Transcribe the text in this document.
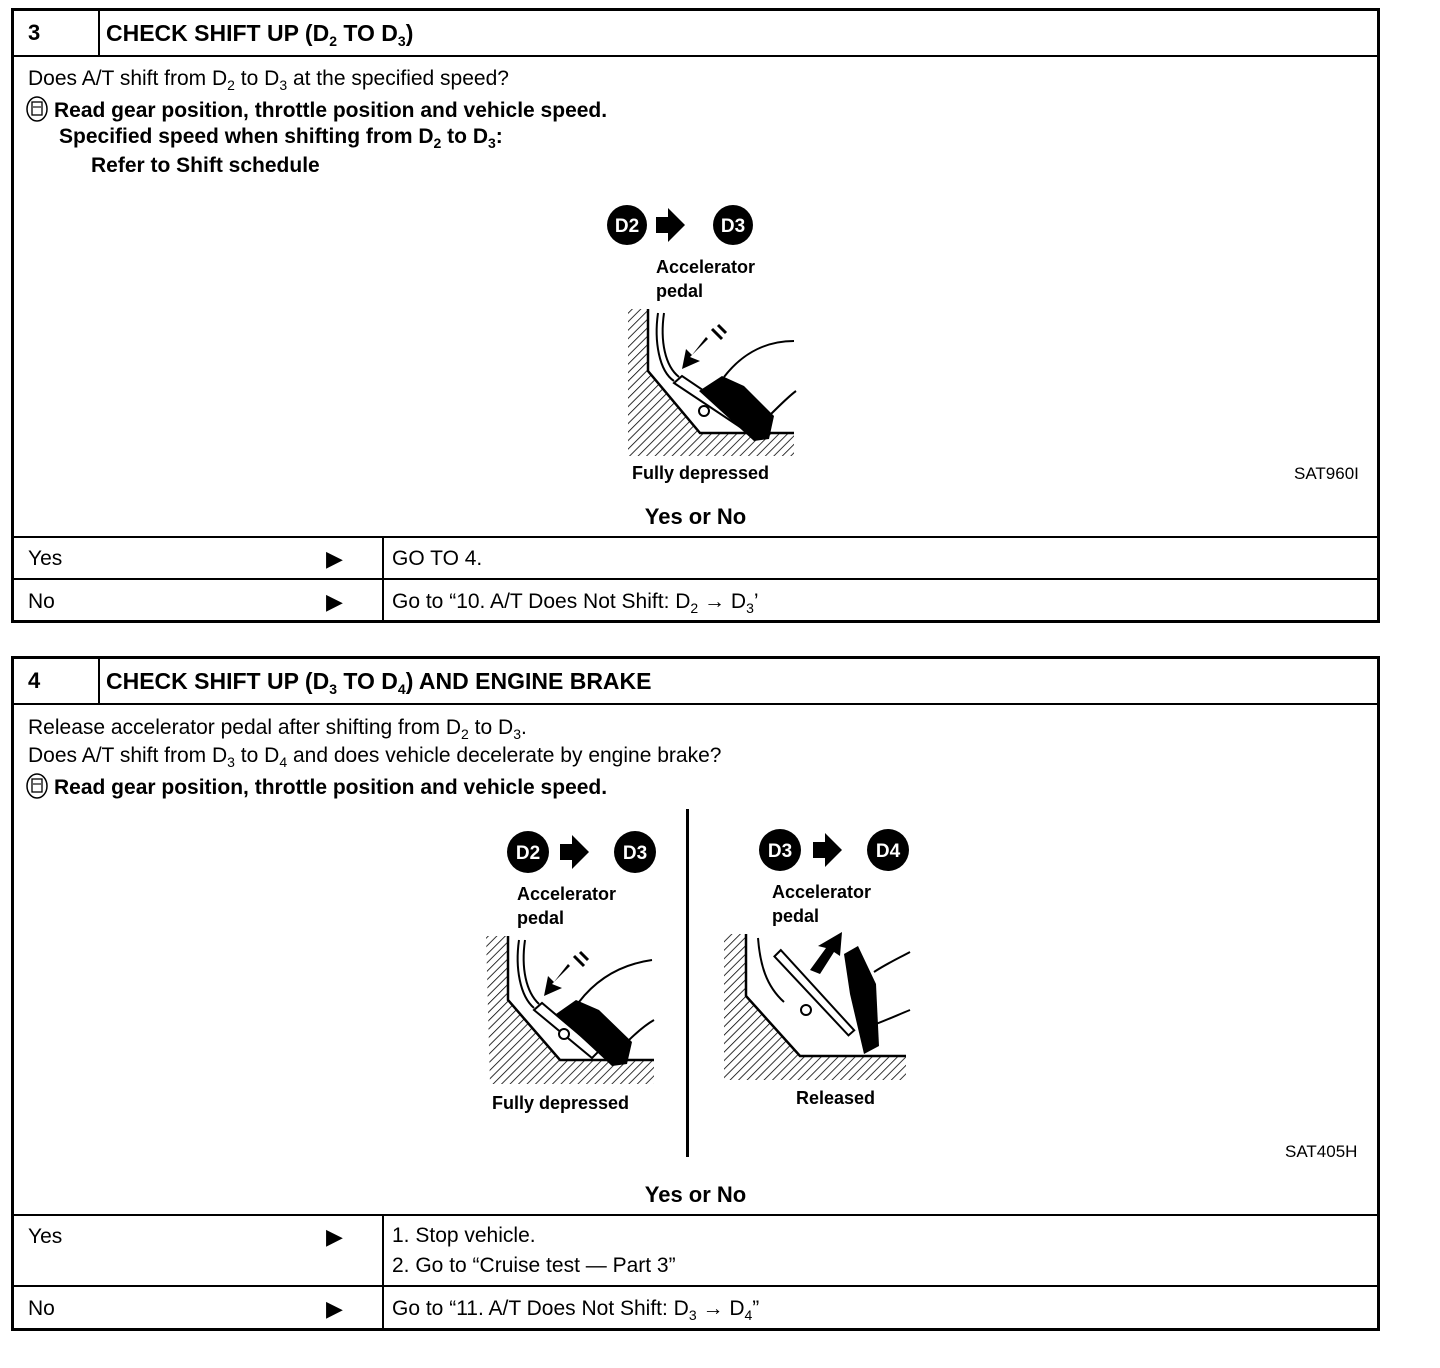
3	CHECK SHIFT UP ($D_2$ TO $D_3$)
Does A/T shift from $D_2$ to $D_3$ at the specified speed?
Read gear position, throttle position and vehicle speed.
Specified speed when shifting from $D_2$ to $D_3$:
Refer to Shift schedule
D2	D3
Accelerator
pedal
Fully depressed	SAT960I
Yes or No
Yes	▶ GO TO 4.
No	▶ Go to “10. A/T Does Not Shift: $D_2 \to D_3$’
4	CHECK SHIFT UP ($D_3$ TO $D_4$) AND ENGINE BRAKE
Release accelerator pedal after shifting from $D_2$ to $D_3$.
Does A/T shift from $D_3$ to $D_4$ and does vehicle decelerate by engine brake?
Read gear position, throttle position and vehicle speed.
D2	D3
Accelerator
pedal
Fully depressed
D3	D4
Accelerator
pedal
Released
SAT405H
Yes or No
Yes	▶ 1. Stop vehicle.
2. Go to “Cruise test — Part 3”
No	▶ Go to “11. A/T Does Not Shift: $D_3 \to D_4$”
